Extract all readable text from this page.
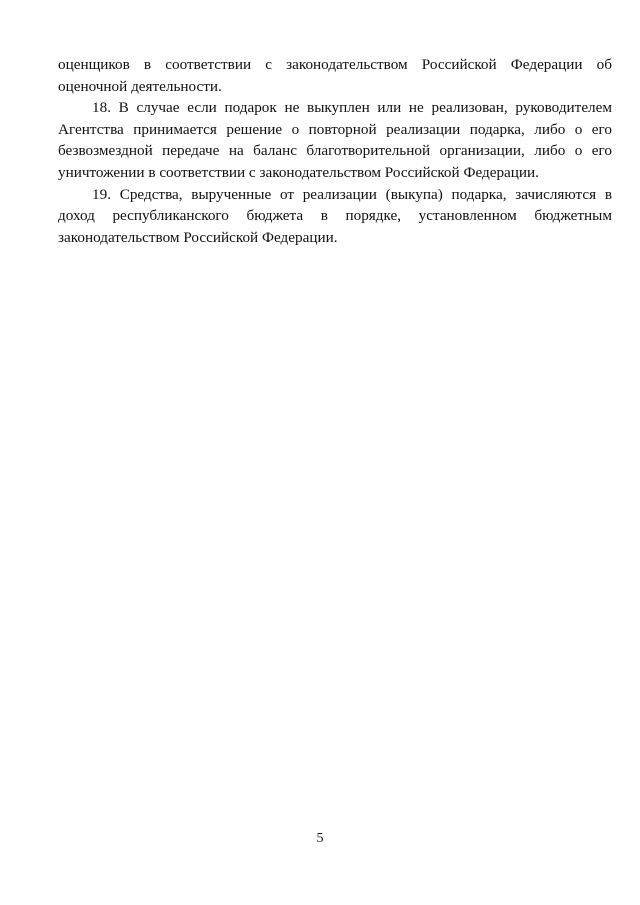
оценщиков в соответствии с законодательством Российской Федерации об оценочной деятельности.

18. В случае если подарок не выкуплен или не реализован, руководителем Агентства принимается решение о повторной реализации подарка, либо о его безвозмездной передаче на баланс благотворительной организации, либо о его уничтожении в соответствии с законодательством Российской Федерации.

19. Средства, вырученные от реализации (выкупа) подарка, зачисляются в доход республиканского бюджета в порядке, установленном бюджетным законодательством Российской Федерации.

5
